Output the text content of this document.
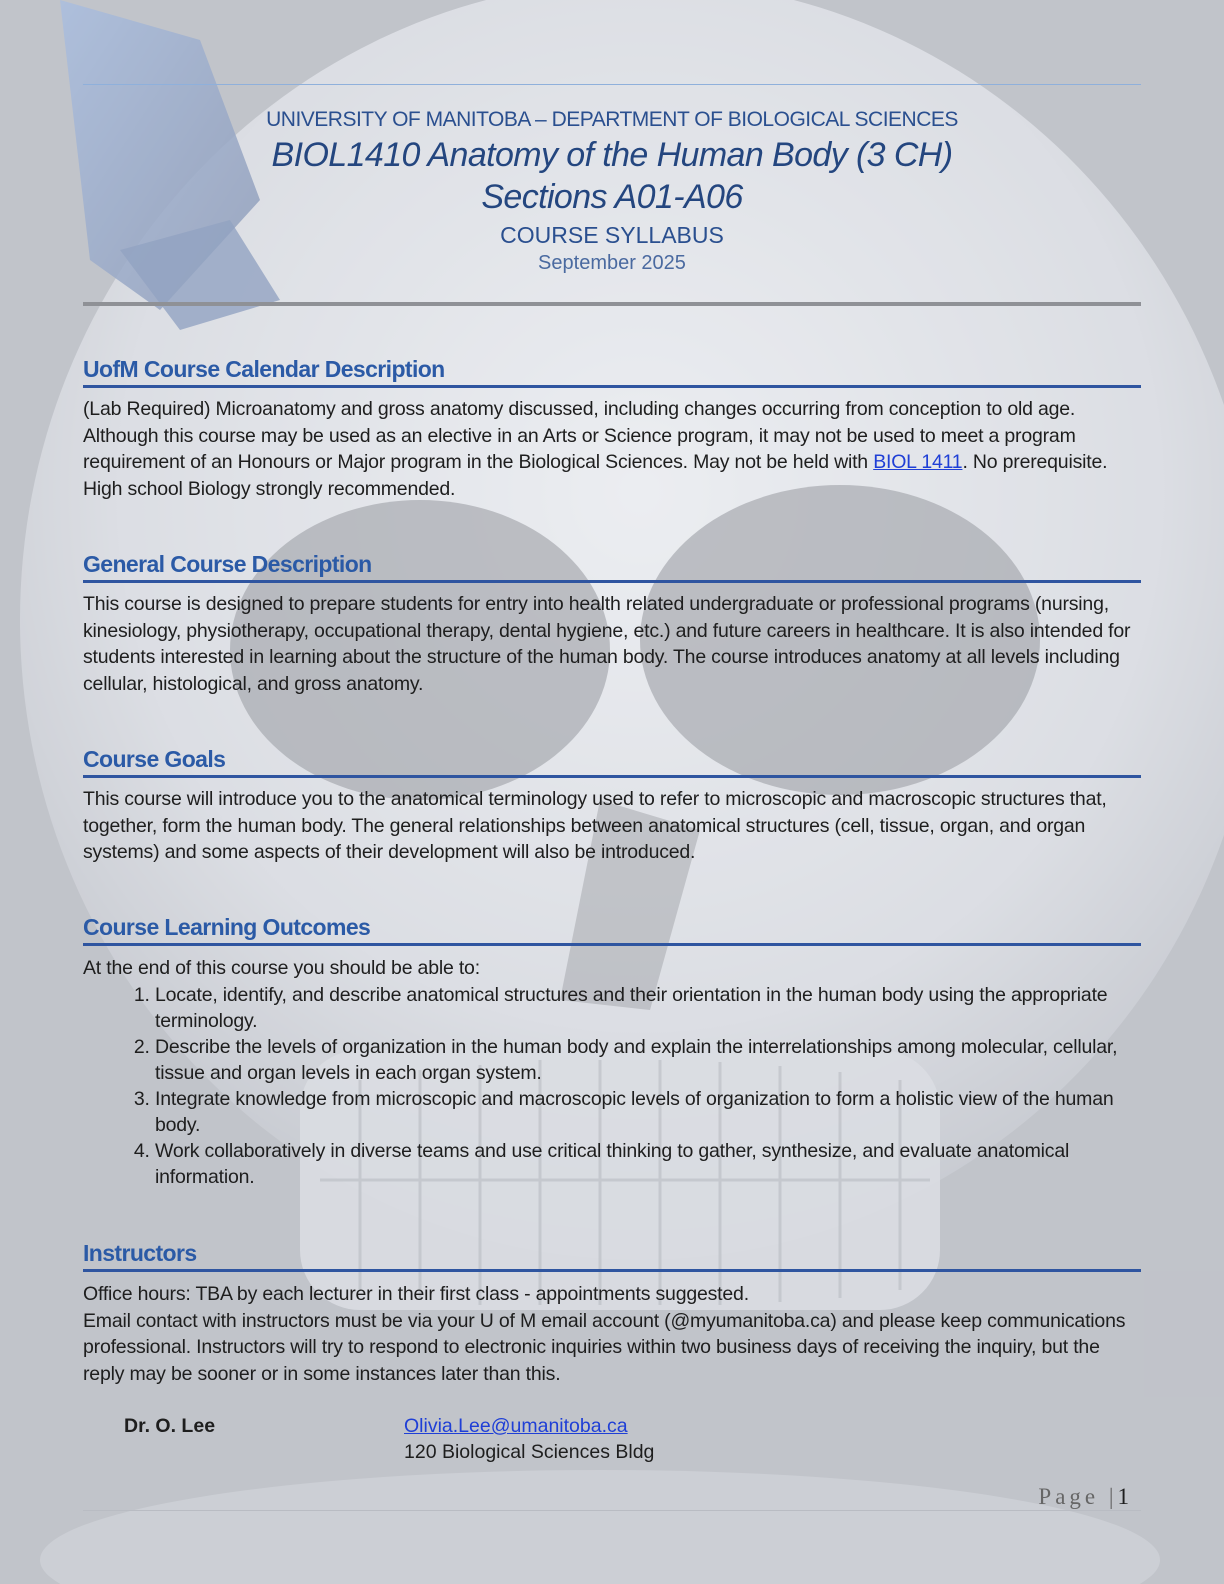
UNIVERSITY OF MANITOBA – DEPARTMENT OF BIOLOGICAL SCIENCES
BIOL1410 Anatomy of the Human Body (3 CH)
Sections A01-A06
COURSE SYLLABUS
September 2025
UofM Course Calendar Description

(Lab Required) Microanatomy and gross anatomy discussed, including changes occurring from conception to old age. Although this course may be used as an elective in an Arts or Science program, it may not be used to meet a program requirement of an Honours or Major program in the Biological Sciences. May not be held with BIOL 1411. No prerequisite. High school Biology strongly recommended.

General Course Description

This course is designed to prepare students for entry into health related undergraduate or professional programs (nursing, kinesiology, physiotherapy, occupational therapy, dental hygiene, etc.) and future careers in healthcare. It is also intended for students interested in learning about the structure of the human body. The course introduces anatomy at all levels including cellular, histological, and gross anatomy.

Course Goals

This course will introduce you to the anatomical terminology used to refer to microscopic and macroscopic structures that, together, form the human body. The general relationships between anatomical structures (cell, tissue, organ, and organ systems) and some aspects of their development will also be introduced.

Course Learning Outcomes

At the end of this course you should be able to:

1. Locate, identify, and describe anatomical structures and their orientation in the human body using the appropriate terminology.
2. Describe the levels of organization in the human body and explain the interrelationships among molecular, cellular, tissue and organ levels in each organ system.
3. Integrate knowledge from microscopic and macroscopic levels of organization to form a holistic view of the human body.
4. Work collaboratively in diverse teams and use critical thinking to gather, synthesize, and evaluate anatomical information.
Instructors

Office hours: TBA by each lecturer in their first class - appointments suggested.

Email contact with instructors must be via your U of M email account (@myumanitoba.ca) and please keep communications professional. Instructors will try to respond to electronic inquiries within two business days of receiving the inquiry, but the reply may be sooner or in some instances later than this.

Dr. O. Lee	Olivia.Lee@umanitoba.ca
120 Biological Sciences Bldg
Page |1
